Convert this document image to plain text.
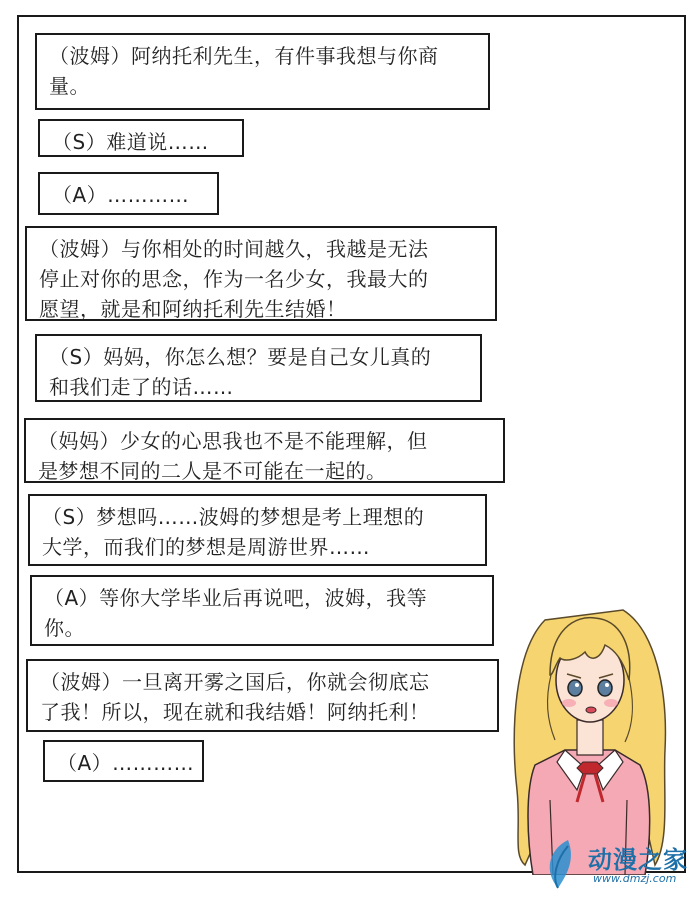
（波姆）阿纳托利先生，有件事我想与你商
量。
（S）难道说……
（A）…………
（波姆）与你相处的时间越久，我越是无法
停止对你的思念，作为一名少女，我最大的
愿望，就是和阿纳托利先生结婚！
（S）妈妈，你怎么想？要是自己女儿真的
和我们走了的话……
（妈妈）少女的心思我也不是不能理解，但
是梦想不同的二人是不可能在一起的。
（S）梦想吗……波姆的梦想是考上理想的
大学，而我们的梦想是周游世界……
（A）等你大学毕业后再说吧，波姆，我等
你。
（波姆）一旦离开雾之国后，你就会彻底忘
了我！所以，现在就和我结婚！阿纳托利！
（A）…………
动漫之家
www.dmzj.com
